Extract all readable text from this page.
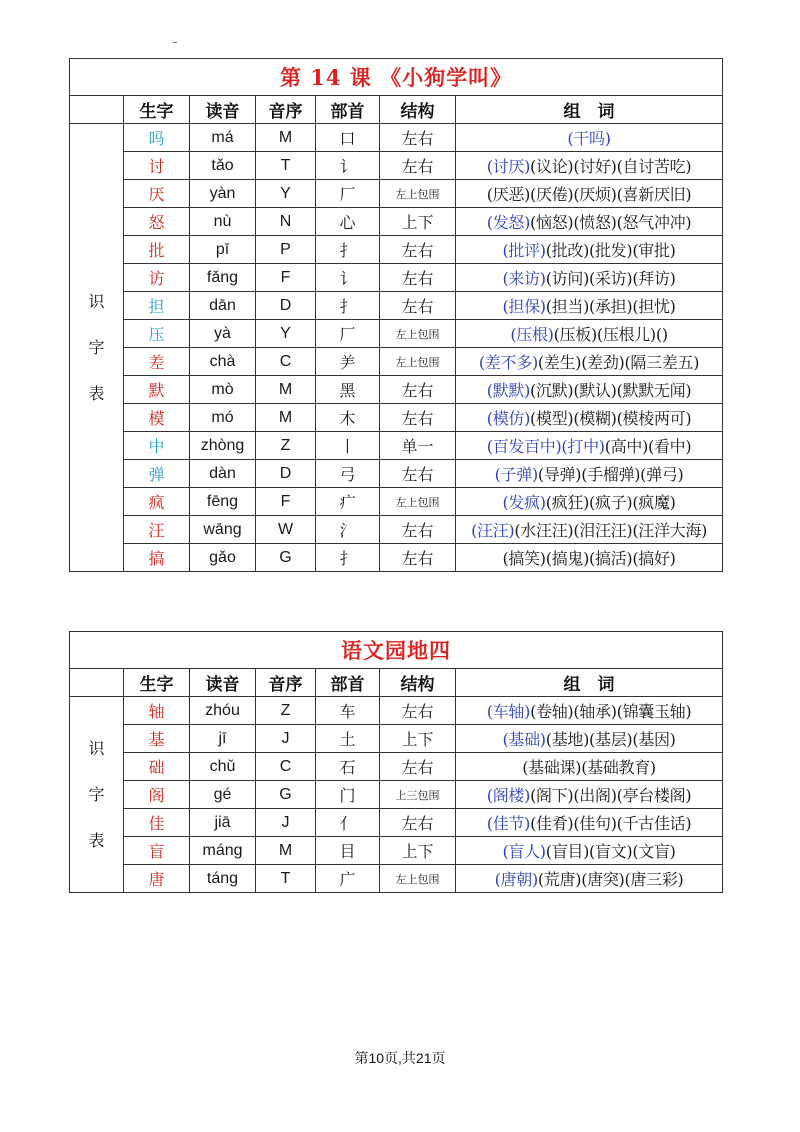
第 14 课 《小狗学叫》						
	生字	读音	音序	部首	结构	组　词

识
字
表	吗	má	M	口	左右	(干吗)
	讨	tǎo	T	讠	左右	(讨厌)(议论)(讨好)(自讨苦吃)
	厌	yàn	Y	厂	左上包围	(厌恶)(厌倦)(厌烦)(喜新厌旧)
	怒	nù	N	心	上下	(发怒)(恼怒)(愤怒)(怒气冲冲)
	批	pī	P	扌	左右	(批评)(批改)(批发)(审批)
	访	fǎng	F	讠	左右	(来访)(访问)(采访)(拜访)
	担	dān	D	扌	左右	(担保)(担当)(承担)(担忧)
	压	yà	Y	厂	左上包围	(压根)(压板)(压根儿)()
	差	chà	C	⺶	左上包围	(差不多)(差生)(差劲)(隔三差五)
	默	mò	M	黑	左右	(默默)(沉默)(默认)(默默无闻)
	模	mó	M	木	左右	(模仿)(模型)(模糊)(模棱两可)
	中	zhòng	Z	丨	单一	(百发百中)(打中)(高中)(看中)
	弹	dàn	D	弓	左右	(子弹)(导弹)(手榴弹)(弹弓)
	疯	fēng	F	疒	左上包围	(发疯)(疯狂)(疯子)(疯魔)
	汪	wāng	W	氵	左右	(汪汪)(水汪汪)(泪汪汪)(汪洋大海)
	搞	gǎo	G	扌	左右	(搞笑)(搞鬼)(搞活)(搞好)
语文园地四						
	生字	读音	音序	部首	结构	组　词

识
字
表	轴	zhóu	Z	车	左右	(车轴)(卷轴)(轴承)(锦囊玉轴)
	基	jī	J	土	上下	(基础)(基地)(基层)(基因)
	础	chǔ	C	石	左右	(基础课)(基础教育)
	阁	gé	G	门	上三包围	(阁楼)(阁下)(出阁)(亭台楼阁)
	佳	jiā	J	亻	左右	(佳节)(佳肴)(佳句)(千古佳话)
	盲	máng	M	目	上下	(盲人)(盲目)(盲文)(文盲)
	唐	táng	T	广	左上包围	(唐朝)(荒唐)(唐突)(唐三彩)
第10页,共21页
